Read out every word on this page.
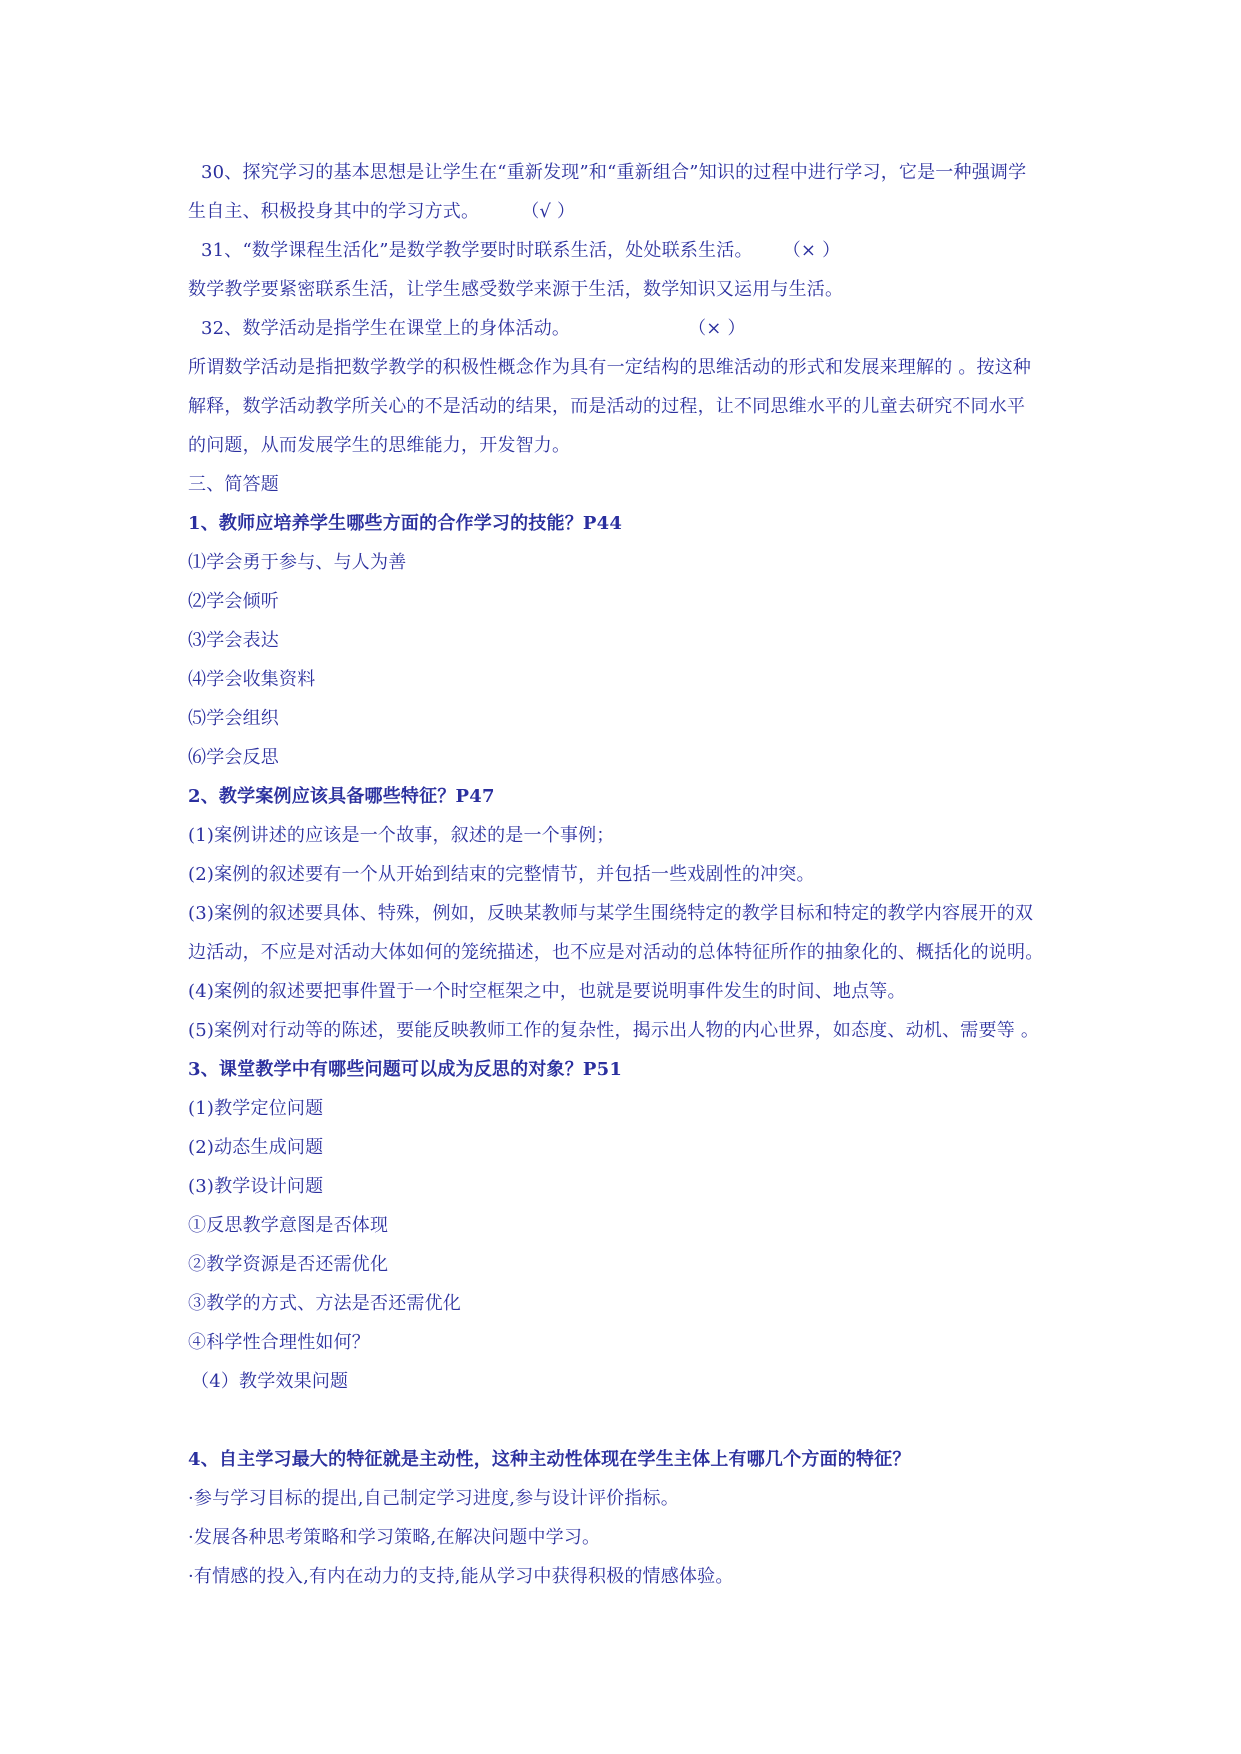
30、探究学习的基本思想是让学生在“重新发现”和“重新组合”知识的过程中进行学习，它是一种强调学
生自主、积极投身其中的学习方式。 （√ ）
31、“数学课程生活化”是数学教学要时时联系生活，处处联系生活。 （× ）
数学教学要紧密联系生活，让学生感受数学来源于生活，数学知识又运用与生活。
32、数学活动是指学生在课堂上的身体活动。	（× ）
所谓数学活动是指把数学教学的积极性概念作为具有一定结构的思维活动的形式和发展来理解的 。按这种
解释，数学活动教学所关心的不是活动的结果，而是活动的过程，让不同思维水平的儿童去研究不同水平
的问题，从而发展学生的思维能力，开发智力。
三、简答题
1、教师应培养学生哪些方面的合作学习的技能？P44
⑴学会勇于参与、与人为善
⑵学会倾听
⑶学会表达
⑷学会收集资料
⑸学会组织
⑹学会反思
2、教学案例应该具备哪些特征？P47
(1)案例讲述的应该是一个故事，叙述的是一个事例；
(2)案例的叙述要有一个从开始到结束的完整情节，并包括一些戏剧性的冲突。
(3)案例的叙述要具体、特殊，例如，反映某教师与某学生围绕特定的教学目标和特定的教学内容展开的双
边活动，不应是对活动大体如何的笼统描述，也不应是对活动的总体特征所作的抽象化的、概括化的说明。
(4)案例的叙述要把事件置于一个时空框架之中，也就是要说明事件发生的时间、地点等。
(5)案例对行动等的陈述，要能反映教师工作的复杂性，揭示出人物的内心世界，如态度、动机、需要等 。
3、课堂教学中有哪些问题可以成为反思的对象？P51
(1)教学定位问题
(2)动态生成问题
(3)教学设计问题
①反思教学意图是否体现
②教学资源是否还需优化
③教学的方式、方法是否还需优化
④科学性合理性如何？
（4）教学效果问题
4、自主学习最大的特征就是主动性，这种主动性体现在学生主体上有哪几个方面的特征？
·参与学习目标的提出,自己制定学习进度,参与设计评价指标。
·发展各种思考策略和学习策略,在解决问题中学习。
·有情感的投入,有内在动力的支持,能从学习中获得积极的情感体验。
